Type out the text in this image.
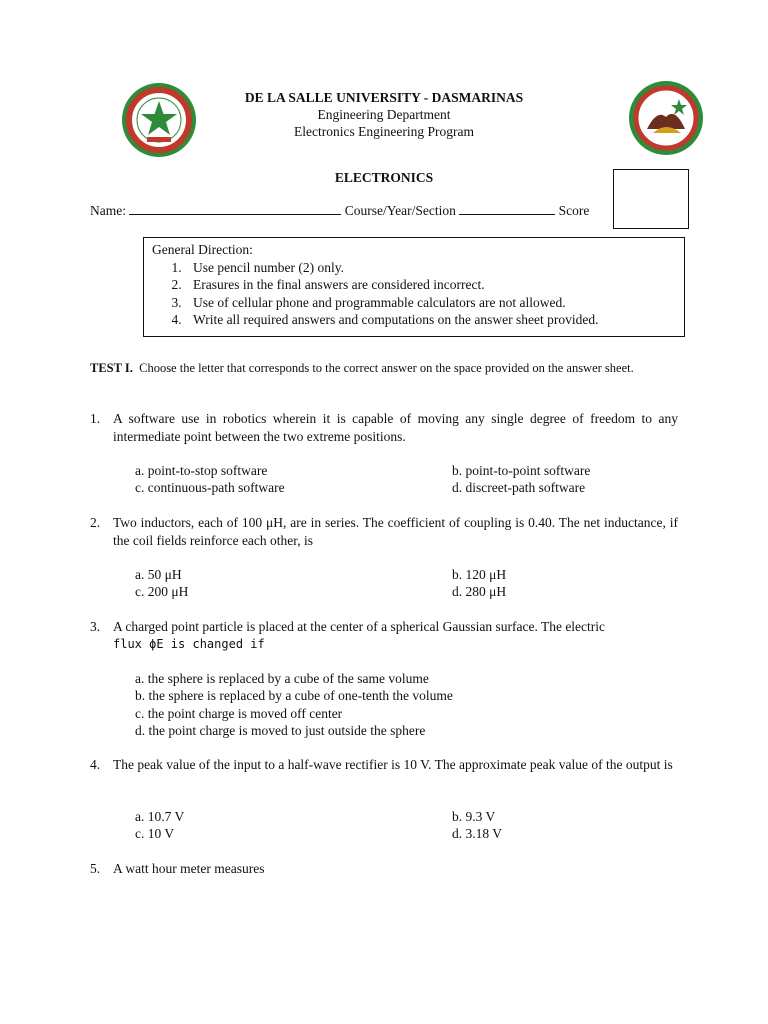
DE LA SALLE UNIVERSITY - DASMARINAS
Engineering Department
Electronics Engineering Program
ELECTRONICS
Name:	Course/Year/Section	Score
General Direction:
1. Use pencil number (2) only.
2. Erasures in the final answers are considered incorrect.
3. Use of cellular phone and programmable calculators are not allowed.
4. Write all required answers and computations on the answer sheet provided.
TEST I. Choose the letter that corresponds to the correct answer on the space provided on the answer sheet.
1. A software use in robotics wherein it is capable of moving any single degree of freedom to any intermediate point between the two extreme positions.
a. point-to-stop software	b. point-to-point software
c. continuous-path software	d. discreet-path software
2. Two inductors, each of 100 μH, are in series. The coefficient of coupling is 0.40. The net inductance, if the coil fields reinforce each other, is
a. 50 μH	b. 120 μH
c. 200 μH	d. 280 μH
3. A charged point particle is placed at the center of a spherical Gaussian surface. The electric
flux ϕE is changed if
a. the sphere is replaced by a cube of the same volume
b. the sphere is replaced by a cube of one-tenth the volume
c. the point charge is moved off center
d. the point charge is moved to just outside the sphere
4. The peak value of the input to a half-wave rectifier is 10 V. The approximate peak value of the output is
a. 10.7 V	b. 9.3 V
c. 10 V	d. 3.18 V
5. A watt hour meter measures
